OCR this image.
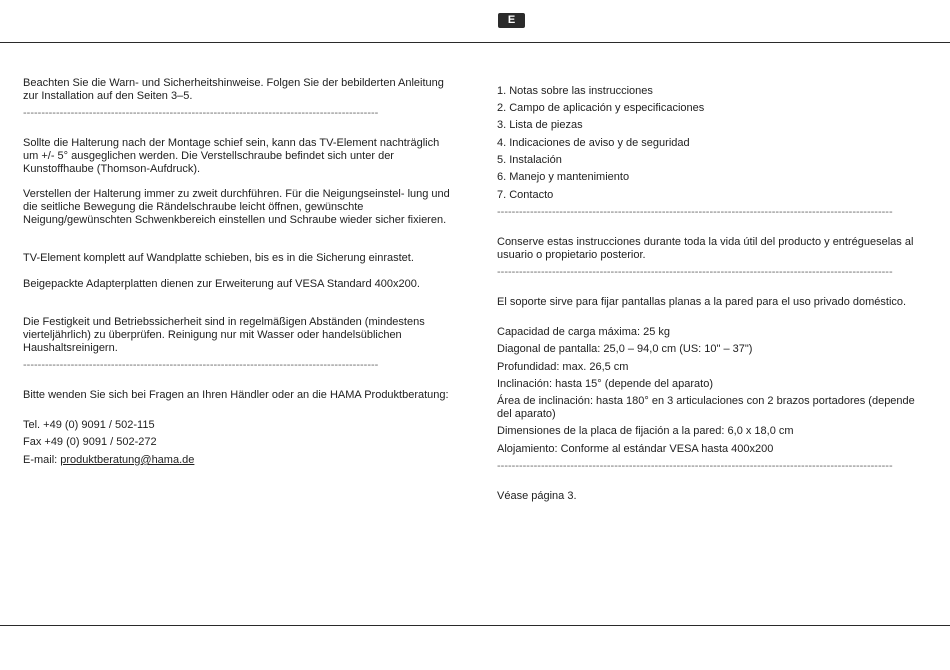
E

Beachten Sie die Warn- und Sicherheitshinweise. Folgen Sie der bebilderten Anleitung zur Installation auf den Seiten 3–5.

-------------------------------------------------------------------------------------------------

Sollte die Halterung nach der Montage schief sein, kann das TV-Element nachträglich um +/- 5° ausgeglichen werden. Die Verstellschraube befindet sich unter der Kunstoffhaube (Thomson-Aufdruck).

Verstellen der Halterung immer zu zweit durchführen. Für die Neigungseinstel- lung und die seitliche Bewegung die Rändelschraube leicht öffnen, gewünschte Neigung/gewünschten Schwenkbereich einstellen und Schraube wieder sicher fixieren.

TV-Element komplett auf Wandplatte schieben, bis es in die Sicherung einrastet.

Beigepackte Adapterplatten dienen zur Erweiterung auf VESA Standard 400x200.

Die Festigkeit und Betriebssicherheit sind in regelmäßigen Abständen (mindestens vierteljährlich) zu überprüfen. Reinigung nur mit Wasser oder handelsüblichen Haushaltsreinigern.

-------------------------------------------------------------------------------------------------

Bitte wenden Sie sich bei Fragen an Ihren Händler oder an die HAMA Produktberatung:

Tel. +49 (0) 9091 / 502-115

Fax +49 (0) 9091 / 502-272

E-mail: produktberatung@hama.de

1. Notas sobre las instrucciones

2. Campo de aplicación y especificaciones

3. Lista de piezas

4. Indicaciones de aviso y de seguridad

5. Instalación

6. Manejo y mantenimiento

7. Contacto

------------------------------------------------------------------------------------------------------------

Conserve estas instrucciones durante toda la vida útil del producto y entrégueselas al usuario o propietario posterior.

------------------------------------------------------------------------------------------------------------

El soporte sirve para fijar pantallas planas a la pared para el uso privado doméstico.

Capacidad de carga máxima: 25 kg

Diagonal de pantalla: 25,0 – 94,0 cm (US: 10" – 37")

Profundidad: max. 26,5 cm

Inclinación: hasta 15° (depende del aparato)

Área de inclinación: hasta 180° en 3 articulaciones con 2 brazos portadores (depende del aparato)

Dimensiones de la placa de fijación a la pared: 6,0 x 18,0 cm

Alojamiento: Conforme al estándar VESA hasta 400x200

------------------------------------------------------------------------------------------------------------

Véase página 3.
